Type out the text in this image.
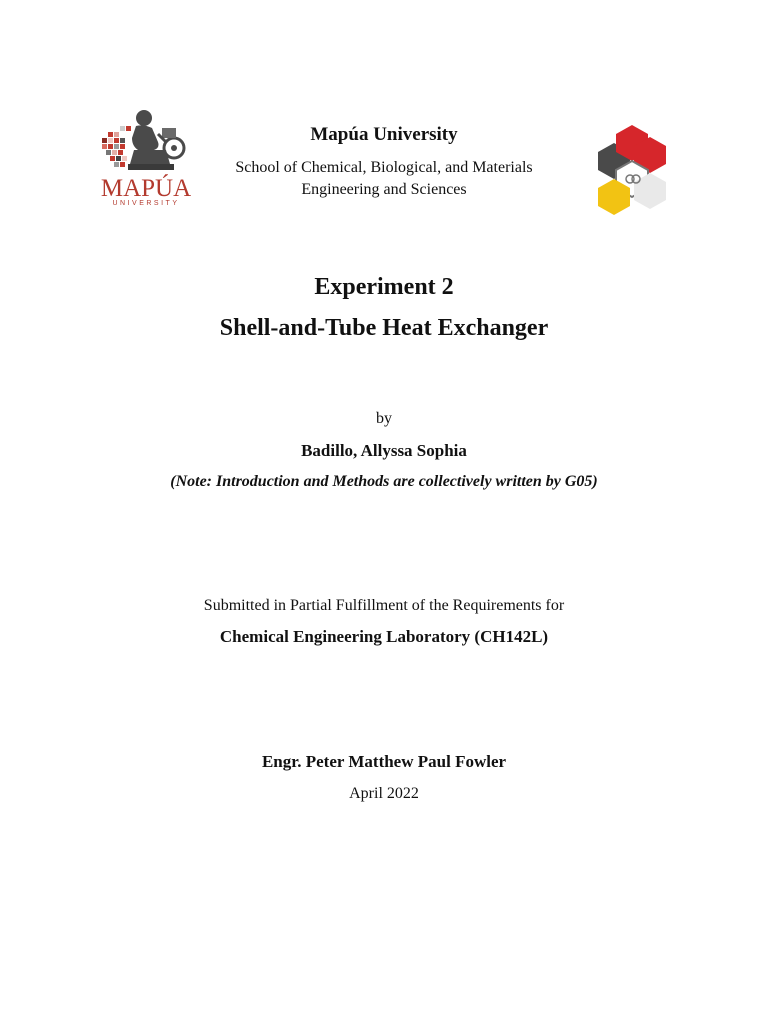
MAPÚA
UNIVERSITY
Mapúa University
School of Chemical, Biological, and Materials
Engineering and Sciences
Experiment 2
Shell-and-Tube Heat Exchanger
by
Badillo, Allyssa Sophia
(Note: Introduction and Methods are collectively written by G05)
Submitted in Partial Fulfillment of the Requirements for
Chemical Engineering Laboratory (CH142L)
Engr. Peter Matthew Paul Fowler
April 2022
